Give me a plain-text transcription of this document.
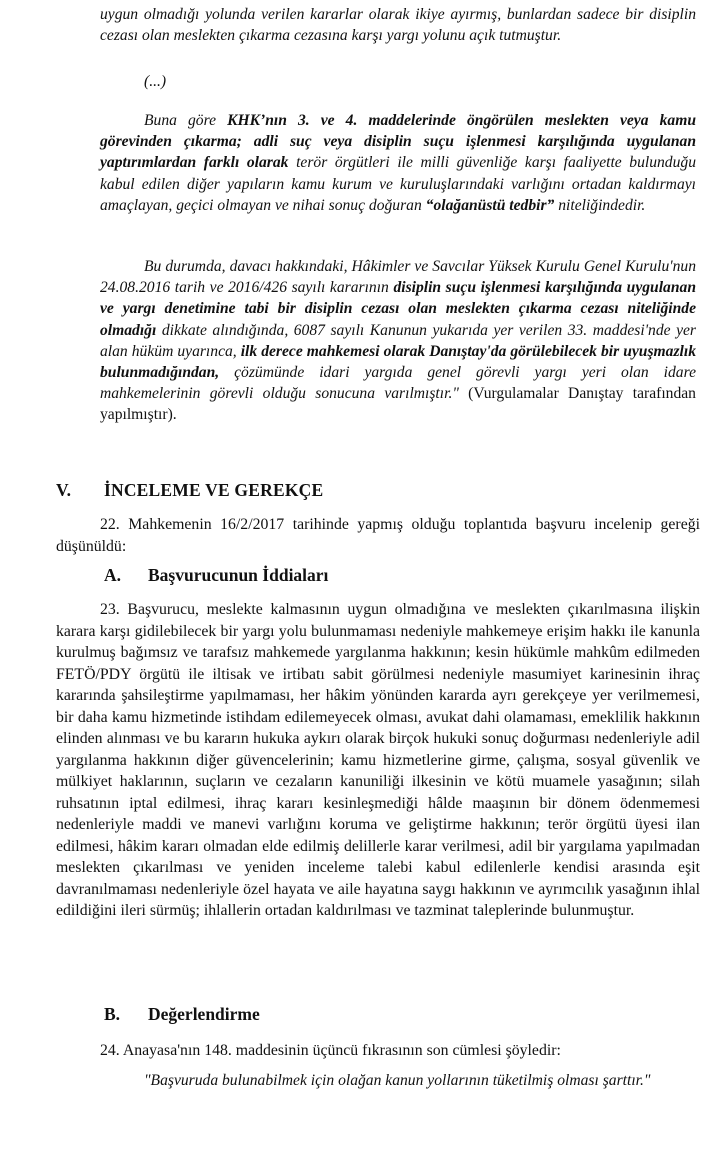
uygun olmadığı yolunda verilen kararlar olarak ikiye ayırmış, bunlardan sadece bir disiplin cezası olan meslekten çıkarma cezasına karşı yargı yolunu açık tutmuştur.
(...)
Buna göre KHK’nın 3. ve 4. maddelerinde öngörülen meslekten veya kamu görevinden çıkarma; adli suç veya disiplin suçu işlenmesi karşılığında uygulanan yaptırımlardan farklı olarak terör örgütleri ile milli güvenliğe karşı faaliyette bulunduğu kabul edilen diğer yapıların kamu kurum ve kuruluşlarındaki varlığını ortadan kaldırmayı amaçlayan, geçici olmayan ve nihai sonuç doğuran “olağanüstü tedbir” niteliğindedir.
Bu durumda, davacı hakkındaki, Hâkimler ve Savcılar Yüksek Kurulu Genel Kurulu'nun 24.08.2016 tarih ve 2016/426 sayılı kararının disiplin suçu işlenmesi karşılığında uygulanan ve yargı denetimine tabi bir disiplin cezası olan meslekten çıkarma cezası niteliğinde olmadığı dikkate alındığında, 6087 sayılı Kanunun yukarıda yer verilen 33. maddesi'nde yer alan hüküm uyarınca, ilk derece mahkemesi olarak Danıştay'da görülebilecek bir uyuşmazlık bulunmadığından, çözümünde idari yargıda genel görevli yargı yeri olan idare mahkemelerinin görevli olduğu sonucuna varılmıştır." (Vurgulamalar Danıştay tarafından yapılmıştır).
V. İNCELEME VE GEREKÇE
22. Mahkemenin 16/2/2017 tarihinde yapmış olduğu toplantıda başvuru incelenip gereği düşünüldü:
A. Başvurucunun İddiaları
23. Başvurucu, meslekte kalmasının uygun olmadığına ve meslekten çıkarılmasına ilişkin karara karşı gidilebilecek bir yargı yolu bulunmaması nedeniyle mahkemeye erişim hakkı ile kanunla kurulmuş bağımsız ve tarafsız mahkemede yargılanma hakkının; kesin hükümle mahkûm edilmeden FETÖ/PDY örgütü ile iltisak ve irtibatı sabit görülmesi nedeniyle masumiyet karinesinin ihraç kararında şahsileştirme yapılmaması, her hâkim yönünden kararda ayrı gerekçeye yer verilmemesi, bir daha kamu hizmetinde istihdam edilemeyecek olması, avukat dahi olamaması, emeklilik hakkının elinden alınması ve bu kararın hukuka aykırı olarak birçok hukuki sonuç doğurması nedenleriyle adil yargılanma hakkının diğer güvencelerinin; kamu hizmetlerine girme, çalışma, sosyal güvenlik ve mülkiyet haklarının, suçların ve cezaların kanuniliği ilkesinin ve kötü muamele yasağının; silah ruhsatının iptal edilmesi, ihraç kararı kesinleşmediği hâlde maaşının bir dönem ödenmemesi nedenleriyle maddi ve manevi varlığını koruma ve geliştirme hakkının; terör örgütü üyesi ilan edilmesi, hâkim kararı olmadan elde edilmiş delillerle karar verilmesi, adil bir yargılama yapılmadan meslekten çıkarılması ve yeniden inceleme talebi kabul edilenlerle kendisi arasında eşit davranılmaması nedenleriyle özel hayata ve aile hayatına saygı hakkının ve ayrımcılık yasağının ihlal edildiğini ileri sürmüş; ihlallerin ortadan kaldırılması ve tazminat taleplerinde bulunmuştur.
B. Değerlendirme
24. Anayasa'nın 148. maddesinin üçüncü fıkrasının son cümlesi şöyledir:
"Başvuruda bulunabilmek için olağan kanun yollarının tüketilmiş olması şarttır."
